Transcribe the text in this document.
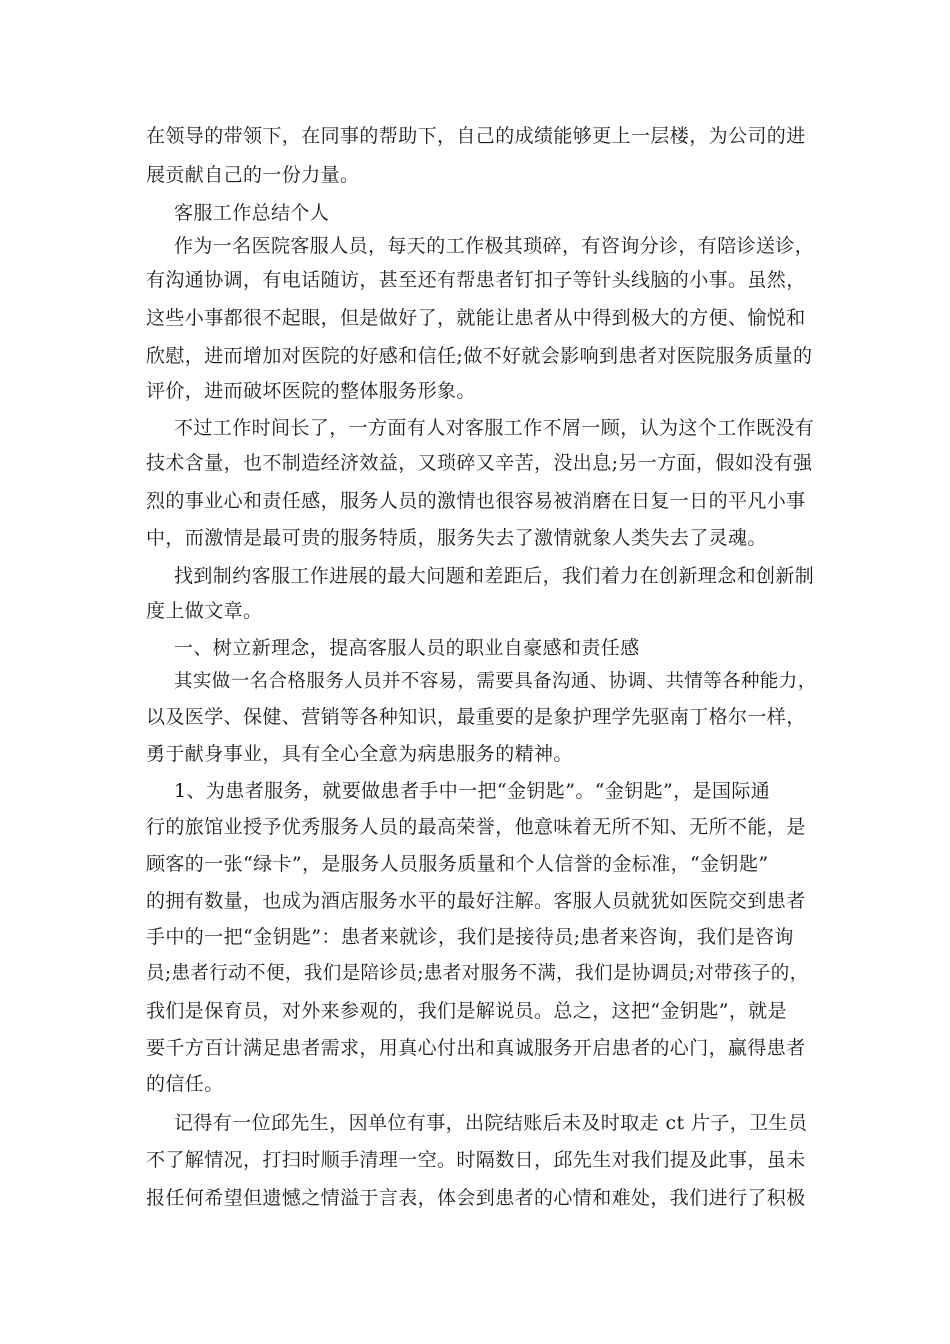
在领导的带领下，在同事的帮助下，自己的成绩能够更上一层楼，为公司的进
展贡献自己的一份力量。
客服工作总结个人
作为一名医院客服人员，每天的工作极其琐碎，有咨询分诊，有陪诊送诊，
有沟通协调，有电话随访，甚至还有帮患者钉扣子等针头线脑的小事。虽然，
这些小事都很不起眼，但是做好了，就能让患者从中得到极大的方便、愉悦和
欣慰，进而增加对医院的好感和信任;做不好就会影响到患者对医院服务质量的
评价，进而破坏医院的整体服务形象。
不过工作时间长了，一方面有人对客服工作不屑一顾，认为这个工作既没有
技术含量，也不制造经济效益，又琐碎又辛苦，没出息;另一方面，假如没有强
烈的事业心和责任感，服务人员的激情也很容易被消磨在日复一日的平凡小事
中，而激情是最可贵的服务特质，服务失去了激情就象人类失去了灵魂。
找到制约客服工作进展的最大问题和差距后，我们着力在创新理念和创新制
度上做文章。
一、树立新理念，提高客服人员的职业自豪感和责任感
其实做一名合格服务人员并不容易，需要具备沟通、协调、共情等各种能力，
以及医学、保健、营销等各种知识，最重要的是象护理学先驱南丁格尔一样，
勇于献身事业，具有全心全意为病患服务的精神。
1、为患者服务，就要做患者手中一把“金钥匙”。“金钥匙”，是国际通
行的旅馆业授予优秀服务人员的最高荣誉，他意味着无所不知、无所不能，是
顾客的一张“绿卡”，是服务人员服务质量和个人信誉的金标准，“金钥匙”
的拥有数量，也成为酒店服务水平的最好注解。客服人员就犹如医院交到患者
手中的一把“金钥匙”：患者来就诊，我们是接待员;患者来咨询，我们是咨询
员;患者行动不便，我们是陪诊员;患者对服务不满，我们是协调员;对带孩子的，
我们是保育员，对外来参观的，我们是解说员。总之，这把“金钥匙”，就是
要千方百计满足患者需求，用真心付出和真诚服务开启患者的心门，赢得患者
的信任。
记得有一位邱先生，因单位有事，出院结账后未及时取走 ct 片子，卫生员
不了解情况，打扫时顺手清理一空。时隔数日，邱先生对我们提及此事，虽未
报任何希望但遗憾之情溢于言表，体会到患者的心情和难处，我们进行了积极
